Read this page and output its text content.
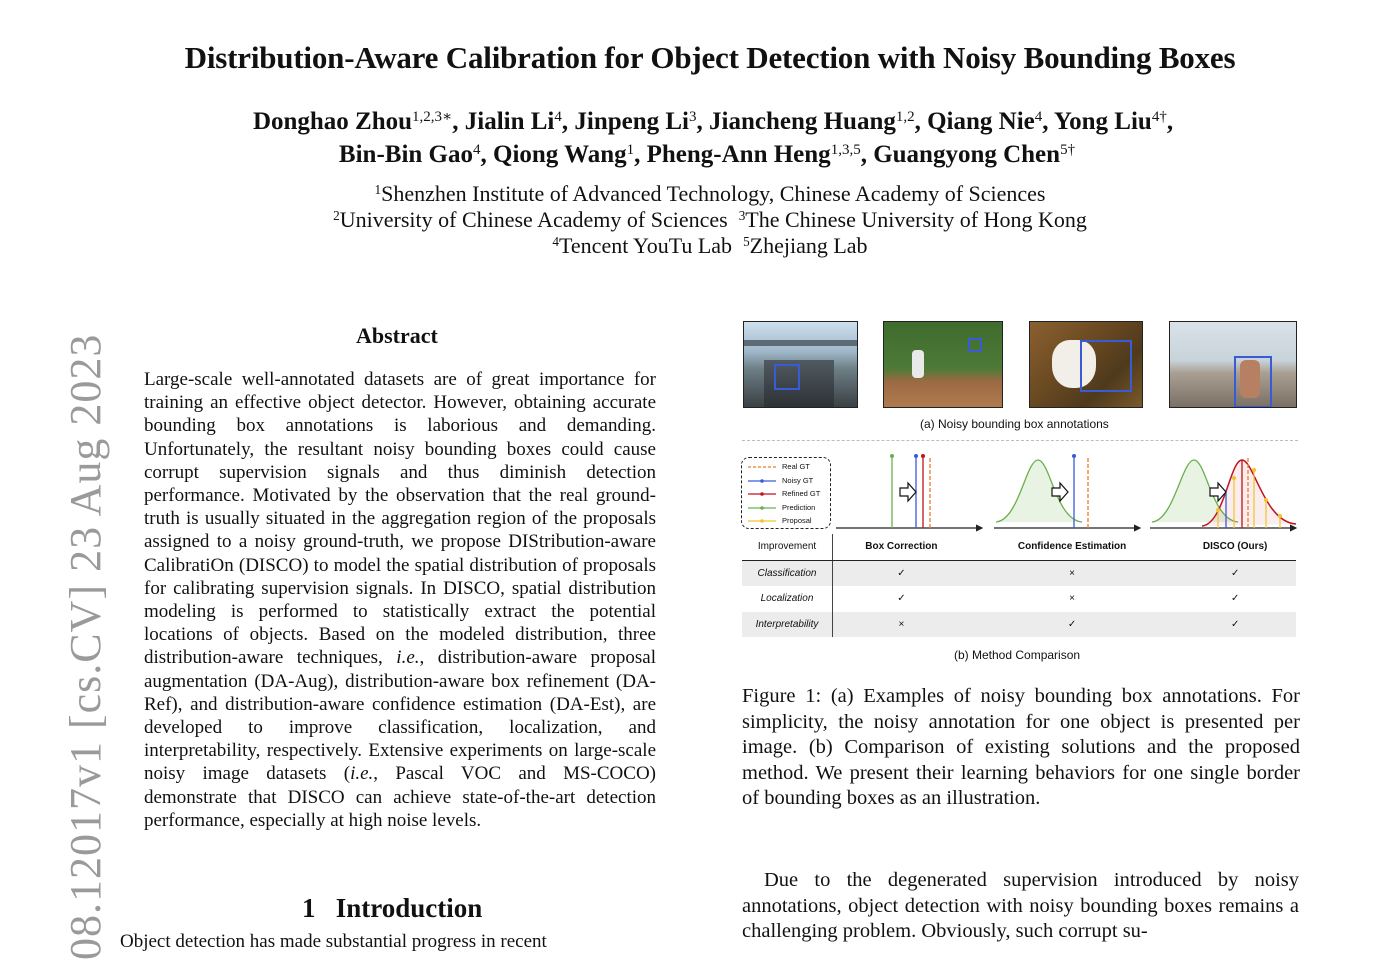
Distribution-Aware Calibration for Object Detection with Noisy Bounding Boxes
Donghao Zhou$^{1,2,3∗}$, Jialin Li$^4$, Jinpeng Li$^3$, Jiancheng Huang$^{1,2}$, Qiang Nie$^4$, Yong Liu$^{4\dagger}$,
Bin-Bin Gao$^4$, Qiong Wang$^1$, Pheng-Ann Heng$^{1,3,5}$, Guangyong Chen$^{5\dagger}$
$^1$Shenzhen Institute of Advanced Technology, Chinese Academy of Sciences
$^2$University of Chinese Academy of Sciences $^3$The Chinese University of Hong Kong
$^4$Tencent YouTu Lab $^5$Zhejiang Lab
08.12017v1 [cs.CV] 23 Aug 2023	Abstract
Large-scale well-annotated datasets are of great importance for training an effective object detector. However, obtaining accurate bounding box annotations is laborious and demanding. Unfortunately, the resultant noisy bounding boxes could cause corrupt supervision signals and thus diminish detection performance. Motivated by the observation that the real ground-truth is usually situated in the aggregation region of the proposals assigned to a noisy ground-truth, we propose DIStribution-aware CalibratiOn (DISCO) to model the spatial distribution of proposals for calibrating supervision signals. In DISCO, spatial distribution modeling is performed to statistically extract the potential locations of objects. Based on the modeled distribution, three distribution-aware techniques, i.e., distribution-aware proposal augmentation (DA-Aug), distribution-aware box refinement (DA-Ref), and distribution-aware confidence estimation (DA-Est), are developed to improve classification, localization, and interpretability, respectively. Extensive experiments on large-scale noisy image datasets (i.e., Pascal VOC and MS-COCO) demonstrate that DISCO can achieve state-of-the-art detection performance, especially at high noise levels.
1 Introduction
Object detection has made substantial progress in recent
(a) Noisy bounding box annotations
Real GT
Noisy GT
Refined GT
Prediction
Proposal
Improvement	Box Correction	Confidence Estimation	DISCO (Ours)
Classification	✓	×	✓
Localization	✓	×	✓
Interpretability	×	✓	✓
(b) Method Comparison
Figure 1: (a) Examples of noisy bounding box annotations. For simplicity, the noisy annotation for one object is presented per image. (b) Comparison of existing solutions and the proposed method. We present their learning behaviors for one single border of bounding boxes as an illustration.
Due to the degenerated supervision introduced by noisy annotations, object detection with noisy bounding boxes remains a challenging problem. Obviously, such corrupt su-
